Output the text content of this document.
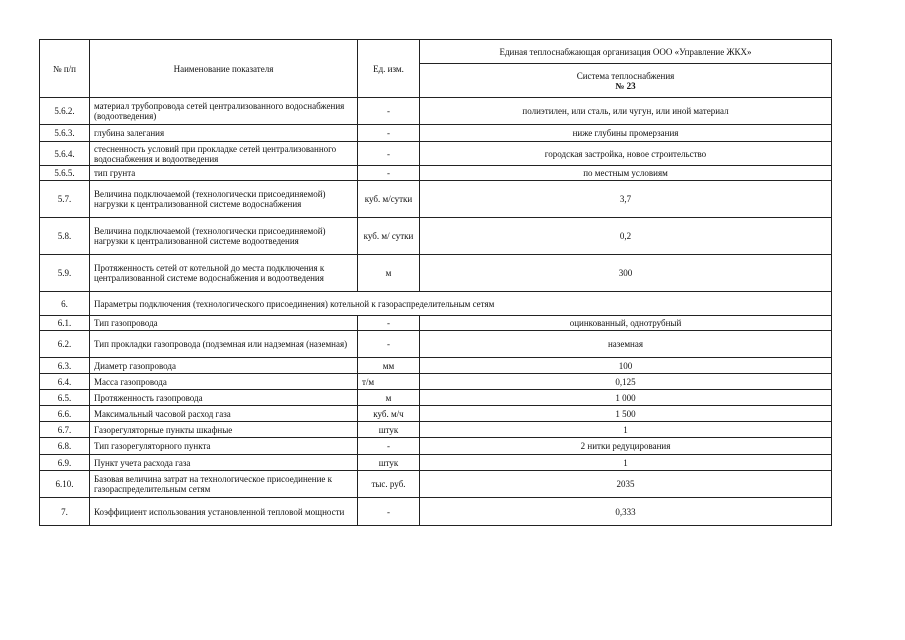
№ п/п	Наименование показателя	Ед. изм.	Единая теплоснабжающая организация ООО «Управление ЖКХ»

			Система теплоснабжения
№ 23

5.6.2.	материал трубопровода сетей централизованного водоснабжения (водоотведения)	-	полиэтилен, или сталь, или чугун, или иной материал
5.6.3.	глубина залегания	-	ниже глубины промерзания
5.6.4.	стесненность условий при прокладке сетей централизованного водоснабжения и водоотведения	-	городская застройка, новое строительство
5.6.5.	тип грунта	-	по местным условиям
5.7.	Величина подключаемой (технологически присоединяемой) нагрузки к централизованной системе водоснабжения	куб. м/сутки	3,7
5.8.	Величина подключаемой (технологически присоединяемой) нагрузки к централизованной системе водоотведения	куб. м/ сутки	0,2
5.9.	Протяженность сетей от котельной до места подключения к централизованной системе водоснабжения и водоотведения	м	300
6.	Параметры подключения (технологического присоединения) котельной к газораспределительным сетям		
6.1.	Тип газопровода	-	оцинкованный, однотрубный
6.2.	Тип прокладки газопровода (подземная или надземная (наземная)	-	наземная
6.3.	Диаметр газопровода	мм	100
6.4.	Масса газопровода	т/м	0,125
6.5.	Протяженность газопровода	м	1 000
6.6.	Максимальный часовой расход газа	куб. м/ч	1 500
6.7.	Газорегуляторные пункты шкафные	штук	1
6.8.	Тип газорегуляторного пункта	-	2 нитки редуцирования
6.9.	Пункт учета расхода газа	штук	1
6.10.	Базовая величина затрат на технологическое присоединение к газораспределительным сетям	тыс. руб.	2035
7.	Коэффициент использования установленной тепловой мощности	-	0,333
